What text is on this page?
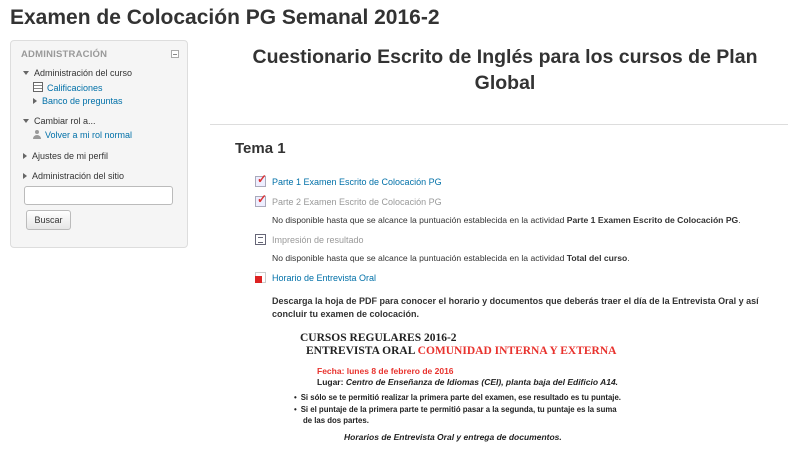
Examen de Colocación PG Semanal 2016-2
ADMINISTRACIÓN
Administración del curso
Calificaciones
Banco de preguntas
Cambiar rol a...
Volver a mi rol normal
Ajustes de mi perfil
Administración del sitio
Buscar
Cuestionario Escrito de Inglés para los cursos de Plan
Global
Tema 1
✓Parte 1 Examen Escrito de Colocación PG
✓Parte 2 Examen Escrito de Colocación PG
No disponible hasta que se alcance la puntuación establecida en la actividad Parte 1 Examen Escrito de Colocación PG.
Impresión de resultado
No disponible hasta que se alcance la puntuación establecida en la actividad Total del curso.
Horario de Entrevista Oral
Descarga la hoja de PDF para conocer el horario y documentos que deberás traer el día de la Entrevista Oral y así concluir tu examen de colocación.
CURSOS REGULARES 2016-2
ENTREVISTA ORAL COMUNIDAD INTERNA Y EXTERNA
Fecha: lunes 8 de febrero de 2016
Lugar: Centro de Enseñanza de Idiomas (CEI), planta baja del Edificio A14.
• Si sólo se te permitió realizar la primera parte del examen, ese resultado es tu puntaje.
• Si el puntaje de la primera parte te permitió pasar a la segunda, tu puntaje es la suma
de las dos partes.
Horarios de Entrevista Oral y entrega de documentos.
